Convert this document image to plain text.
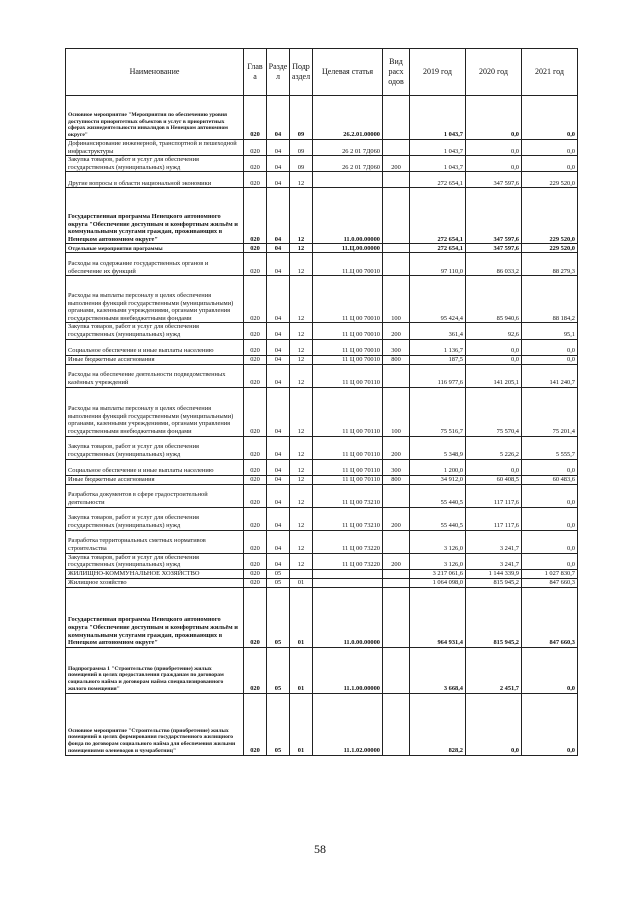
Наименование	Глав а	Разде л	Подр аздел	Целевая статья	Вид расх одов	2019 год	2020 год	2021 год
Основное мероприятие "Мероприятия по обеспечению уровня доступности приоритетных объектов и услуг в приоритетных сферах жизнедеятельности инвалидов в Ненецком автономном округе"	020	04	09	26.2.01.00000		1 043,7	0,0	0,0
Дофинансирование инженерной, транспортной и пешеходной инфраструктуры	020	04	09	26 2 01 7Д060		1 043,7	0,0	0,0
Закупка товаров, работ и услуг для обеспечения государственных (муниципальных) нужд	020	04	09	26 2 01 7Д060	200	1 043,7	0,0	0,0
Другие вопросы в области национальной экономики	020	04	12			272 654,1	347 597,6	229 520,0
Государственная программа Ненецкого автономного округа "Обеспечение доступным и комфортным жильём и коммунальными услугами граждан, проживающих в Ненецком автономном округе"	020	04	12	11.0.00.00000		272 654,1	347 597,6	229 520,0
Отдельные мероприятия программы	020	04	12	11.Ц.00.00000		272 654,1	347 597,6	229 520,0
Расходы на содержание государственных органов и обеспечение их функций	020	04	12	11.Ц 00 70010		97 110,0	86 033,2	88 279,3
Расходы на выплаты персоналу в целях обеспечения выполнения функций государственными (муниципальными) органами, казенными учреждениями, органами управления государственными внебюджетными фондами	020	04	12	11 Ц 00 70010	100	95 424,4	85 940,6	88 184,2
Закупка товаров, работ и услуг для обеспечения государственных (муниципальных) нужд	020	04	12	11 Ц 00 70010	200	361,4	92,6	95,1
Социальное обеспечение и иные выплаты населению	020	04	12	11 Ц 00 70010	300	1 136,7	0,0	0,0
Иные бюджетные ассигнования	020	04	12	11 Ц 00 70010	800	187,5	0,0	0,0
Расходы на обеспечение деятельности подведомственных казённых учреждений	020	04	12	11 Ц 00 70110		116 977,6	141 205,1	141 240,7
Расходы на выплаты персоналу в целях обеспечения выполнения функций государственными (муниципальными) органами, казенными учреждениями, органами управления государственными внебюджетными фондами	020	04	12	11 Ц 00 70110	100	75 516,7	75 570,4	75 201,4
Закупка товаров, работ и услуг для обеспечения государственных (муниципальных) нужд	020	04	12	11 Ц 00 70110	200	5 348,9	5 226,2	5 555,7
Социальное обеспечение и иные выплаты населению	020	04	12	11 Ц 00 70110	300	1 200,0	0,0	0,0
Иные бюджетные ассигнования	020	04	12	11 Ц 00 70110	800	34 912,0	60 408,5	60 483,6
Разработка документов в сфере градостроительной деятельности	020	04	12	11 Ц 00 73210		55 440,5	117 117,6	0,0
Закупка товаров, работ и услуг для обеспечения государственных (муниципальных) нужд	020	04	12	11 Ц 00 73210	200	55 440,5	117 117,6	0,0
Разработка территориальных сметных нормативов строительства	020	04	12	11 Ц 00 73220		3 126,0	3 241,7	0,0
Закупка товаров, работ и услуг для обеспечения государственных (муниципальных) нужд	020	04	12	11 Ц 00 73220	200	3 126,0	3 241,7	0,0
ЖИЛИЩНО-КОММУНАЛЬНОЕ ХОЗЯЙСТВО	020	05				3 217 061,6	1 144 339,9	1 027 830,7
Жилищное хозяйство	020	05	01			1 064 098,0	815 945,2	847 660,3
Государственная программа Ненецкого автономного округа "Обеспечение доступным и комфортным жильём и коммунальными услугами граждан, проживающих в Ненецком автономном округе"	020	05	01	11.0.00.00000		964 931,4	815 945,2	847 660,3
Подпрограмма 1 "Строительство (приобретение) жилых помещений в целях предоставления гражданам по договорам социального найма и договорам найма специализированного жилого помещения"	020	05	01	11.1.00.00000		3 668,4	2 451,7	0,0
Основное мероприятие "Строительство (приобретение) жилых помещений в целях формирования государственного жилищного фонда по договорам социального найма для обеспечения жилыми помещениями оленеводов и чумработниц"	020	05	01	11.1.02.00000		828,2	0,0	0,0
58
